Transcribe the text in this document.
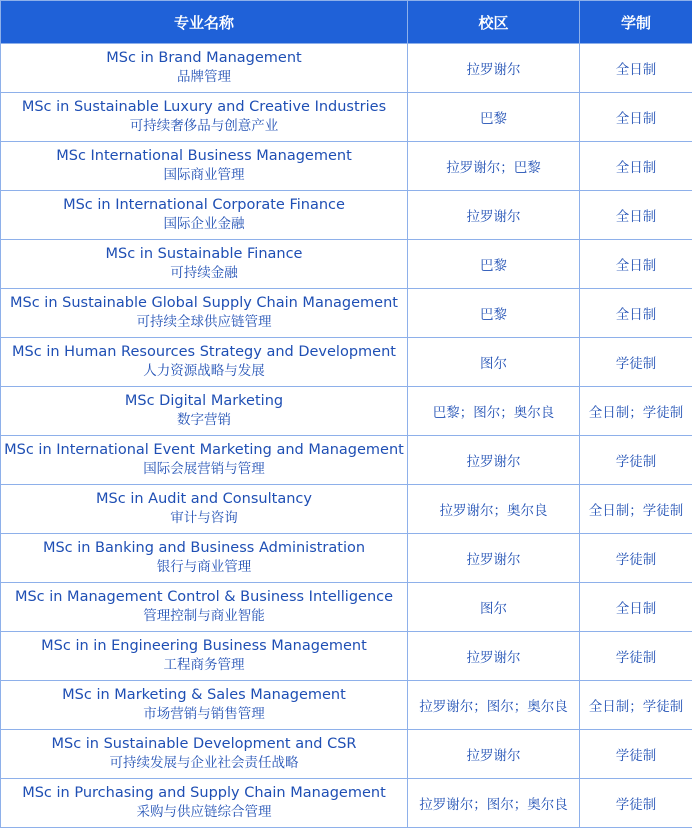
专业名称	校区	学制

MSc in Brand Management
品牌管理	拉罗谢尔	全日制

MSc in Sustainable Luxury and Creative Industries
可持续奢侈品与创意产业	巴黎	全日制

MSc International Business Management
国际商业管理	拉罗谢尔；巴黎	全日制

MSc in International Corporate Finance
国际企业金融	拉罗谢尔	全日制

MSc in Sustainable Finance
可持续金融	巴黎	全日制

MSc in Sustainable Global Supply Chain Management
可持续全球供应链管理	巴黎	全日制

MSc in Human Resources Strategy and Development
人力资源战略与发展	图尔	学徒制

MSc Digital Marketing
数字营销	巴黎；图尔；奥尔良	全日制；学徒制

MSc in International Event Marketing and Management
国际会展营销与管理	拉罗谢尔	学徒制

MSc in Audit and Consultancy
审计与咨询	拉罗谢尔；奥尔良	全日制；学徒制

MSc in Banking and Business Administration
银行与商业管理	拉罗谢尔	学徒制

MSc in Management Control & Business Intelligence
管理控制与商业智能	图尔	全日制

MSc in in Engineering Business Management
工程商务管理	拉罗谢尔	学徒制

MSc in Marketing & Sales Management
市场营销与销售管理	拉罗谢尔；图尔；奥尔良	全日制；学徒制

MSc in Sustainable Development and CSR
可持续发展与企业社会责任战略	拉罗谢尔	学徒制

MSc in Purchasing and Supply Chain Management
采购与供应链综合管理	拉罗谢尔；图尔；奥尔良	学徒制
